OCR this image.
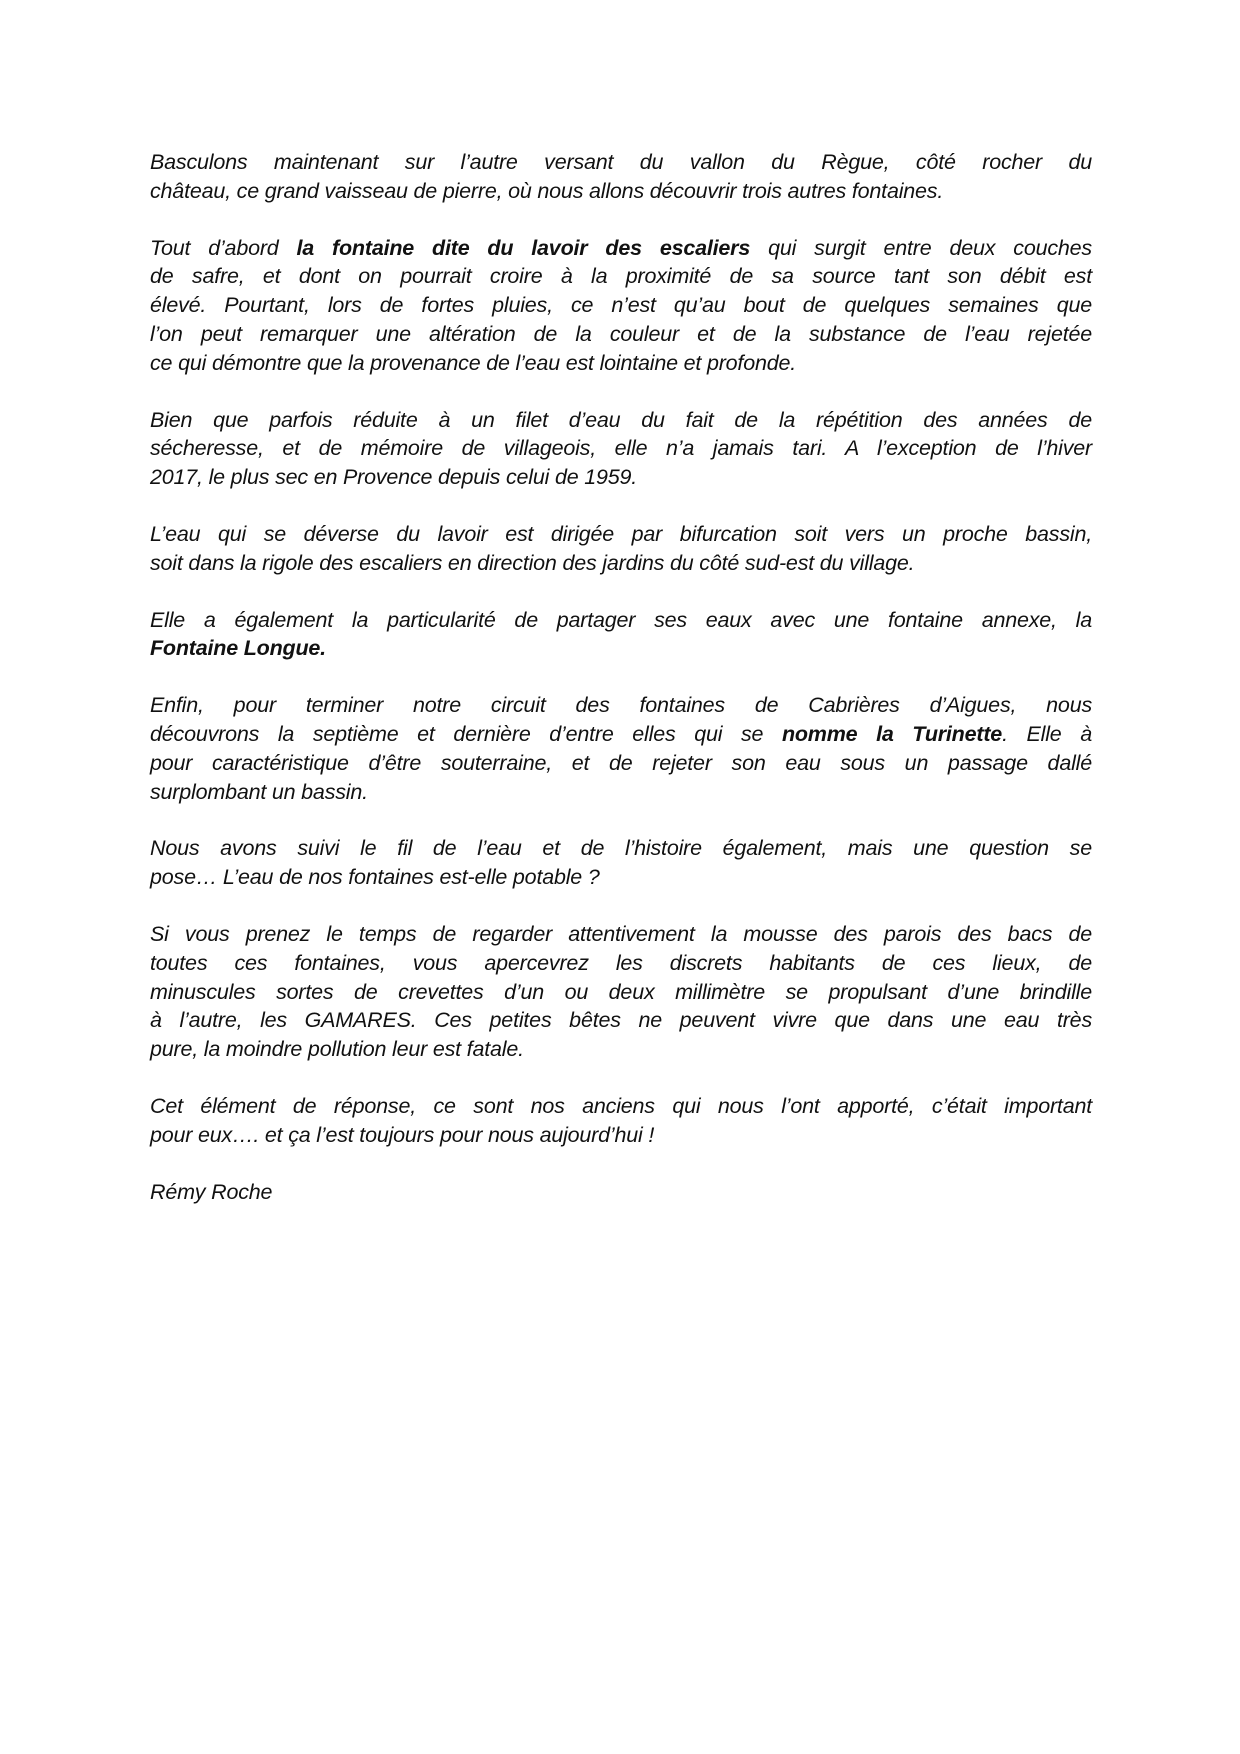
Basculons maintenant sur l’autre versant du vallon du Règue, côté rocher du
château, ce grand vaisseau de pierre, où nous allons découvrir trois autres fontaines.
Tout d’abord la fontaine dite du lavoir des escaliers qui surgit entre deux couches
de safre, et dont on pourrait croire à la proximité de sa source tant son débit est
élevé. Pourtant, lors de fortes pluies, ce n’est qu’au bout de quelques semaines que
l’on peut remarquer une altération de la couleur et de la substance de l’eau rejetée
ce qui démontre que la provenance de l’eau est lointaine et profonde.
Bien que parfois réduite à un filet d’eau du fait de la répétition des années de
sécheresse, et de mémoire de villageois, elle n’a jamais tari. A l’exception de l’hiver
2017, le plus sec en Provence depuis celui de 1959.
L’eau qui se déverse du lavoir est dirigée par bifurcation soit vers un proche bassin,
soit dans la rigole des escaliers en direction des jardins du côté sud-est du village.
Elle a également la particularité de partager ses eaux avec une fontaine annexe, la
Fontaine Longue.
Enfin, pour terminer notre circuit des fontaines de Cabrières d’Aigues, nous
découvrons la septième et dernière d’entre elles qui se nomme la Turinette. Elle à
pour caractéristique d’être souterraine, et de rejeter son eau sous un passage dallé
surplombant un bassin.
Nous avons suivi le fil de l’eau et de l’histoire également, mais une question se
pose… L’eau de nos fontaines est-elle potable ?
Si vous prenez le temps de regarder attentivement la mousse des parois des bacs de
toutes ces fontaines, vous apercevrez les discrets habitants de ces lieux, de
minuscules sortes de crevettes d’un ou deux millimètre se propulsant d’une brindille
à l’autre, les GAMARES. Ces petites bêtes ne peuvent vivre que dans une eau très
pure, la moindre pollution leur est fatale.
Cet élément de réponse, ce sont nos anciens qui nous l’ont apporté, c’était important
pour eux…. et ça l’est toujours pour nous aujourd’hui !
Rémy Roche
